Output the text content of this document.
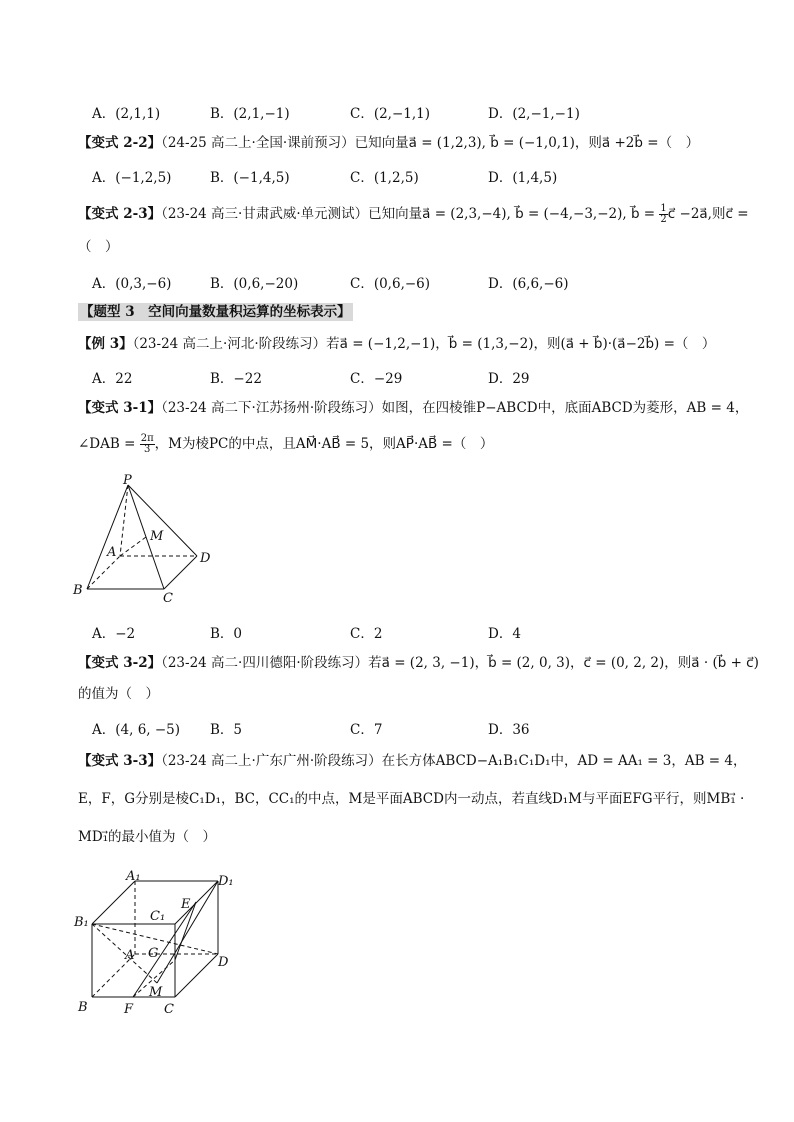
A．(2,1,1)	B．(2,1,−1)	C．(2,−1,1)	D．(2,−1,−1)
【变式 2-2】（24-25 高二上·全国·课前预习）已知向量a⃗ = (1,2,3), b⃗ = (−1,0,1)，则a⃗ +2b⃗ =（　）
A．(−1,2,5)	B．(−1,4,5)	C．(1,2,5)	D．(1,4,5)
【变式 2-3】（23-24 高三·甘肃武威·单元测试）已知向量a⃗ = (2,3,−4), b⃗ = (−4,−3,−2), b⃗ = $\frac{1}{2}$ c⃗ −2a⃗,则c⃗ =
（　）
A．(0,3,−6)	B．(0,6,−20)	C．(0,6,−6)	D．(6,6,−6)
【题型 3　空间向量数量积运算的坐标表示】
【例 3】（23-24 高二上·河北·阶段练习）若a⃗ = (−1,2,−1)，b⃗ = (1,3,−2)，则(a⃗ + b⃗)·(a⃗−2b⃗) =（　）
A．22	B．−22	C．−29	D．29
【变式 3-1】（23-24 高二下·江苏扬州·阶段练习）如图，在四棱锥P−ABCD中，底面ABCD为菱形，AB = 4，
∠DAB = $\frac{2\pi}{3}$ ，M为棱PC的中点，且AM⃗·AB⃗ = 5，则AP⃗·AB⃗ =（　）
P
M
A	D
B
C
A．−2	B．0	C．2	D．4
【变式 3-2】（23-24 高二·四川德阳·阶段练习）若a⃗ = (2, 3, −1)，b⃗ = (2, 0, 3)，c⃗ = (0, 2, 2)，则a⃗ · (b⃗ + c⃗)
的值为（　）
A．(4, 6, −5) B．5	C．7	D．36
【变式 3-3】（23-24 高二上·广东广州·阶段练习）在长方体ABCD−A₁B₁C₁D₁中，AD = AA₁ = 3，AB = 4，
E，F，G分别是棱C₁D₁，BC，CC₁的中点，M是平面ABCD内一动点，若直线D₁M与平面EFG平行，则MB₁⃗ ·
MD₁⃗的最小值为（　）
A₁	D₁
B₁	C₁
E
G
A	D
M
B	F C
